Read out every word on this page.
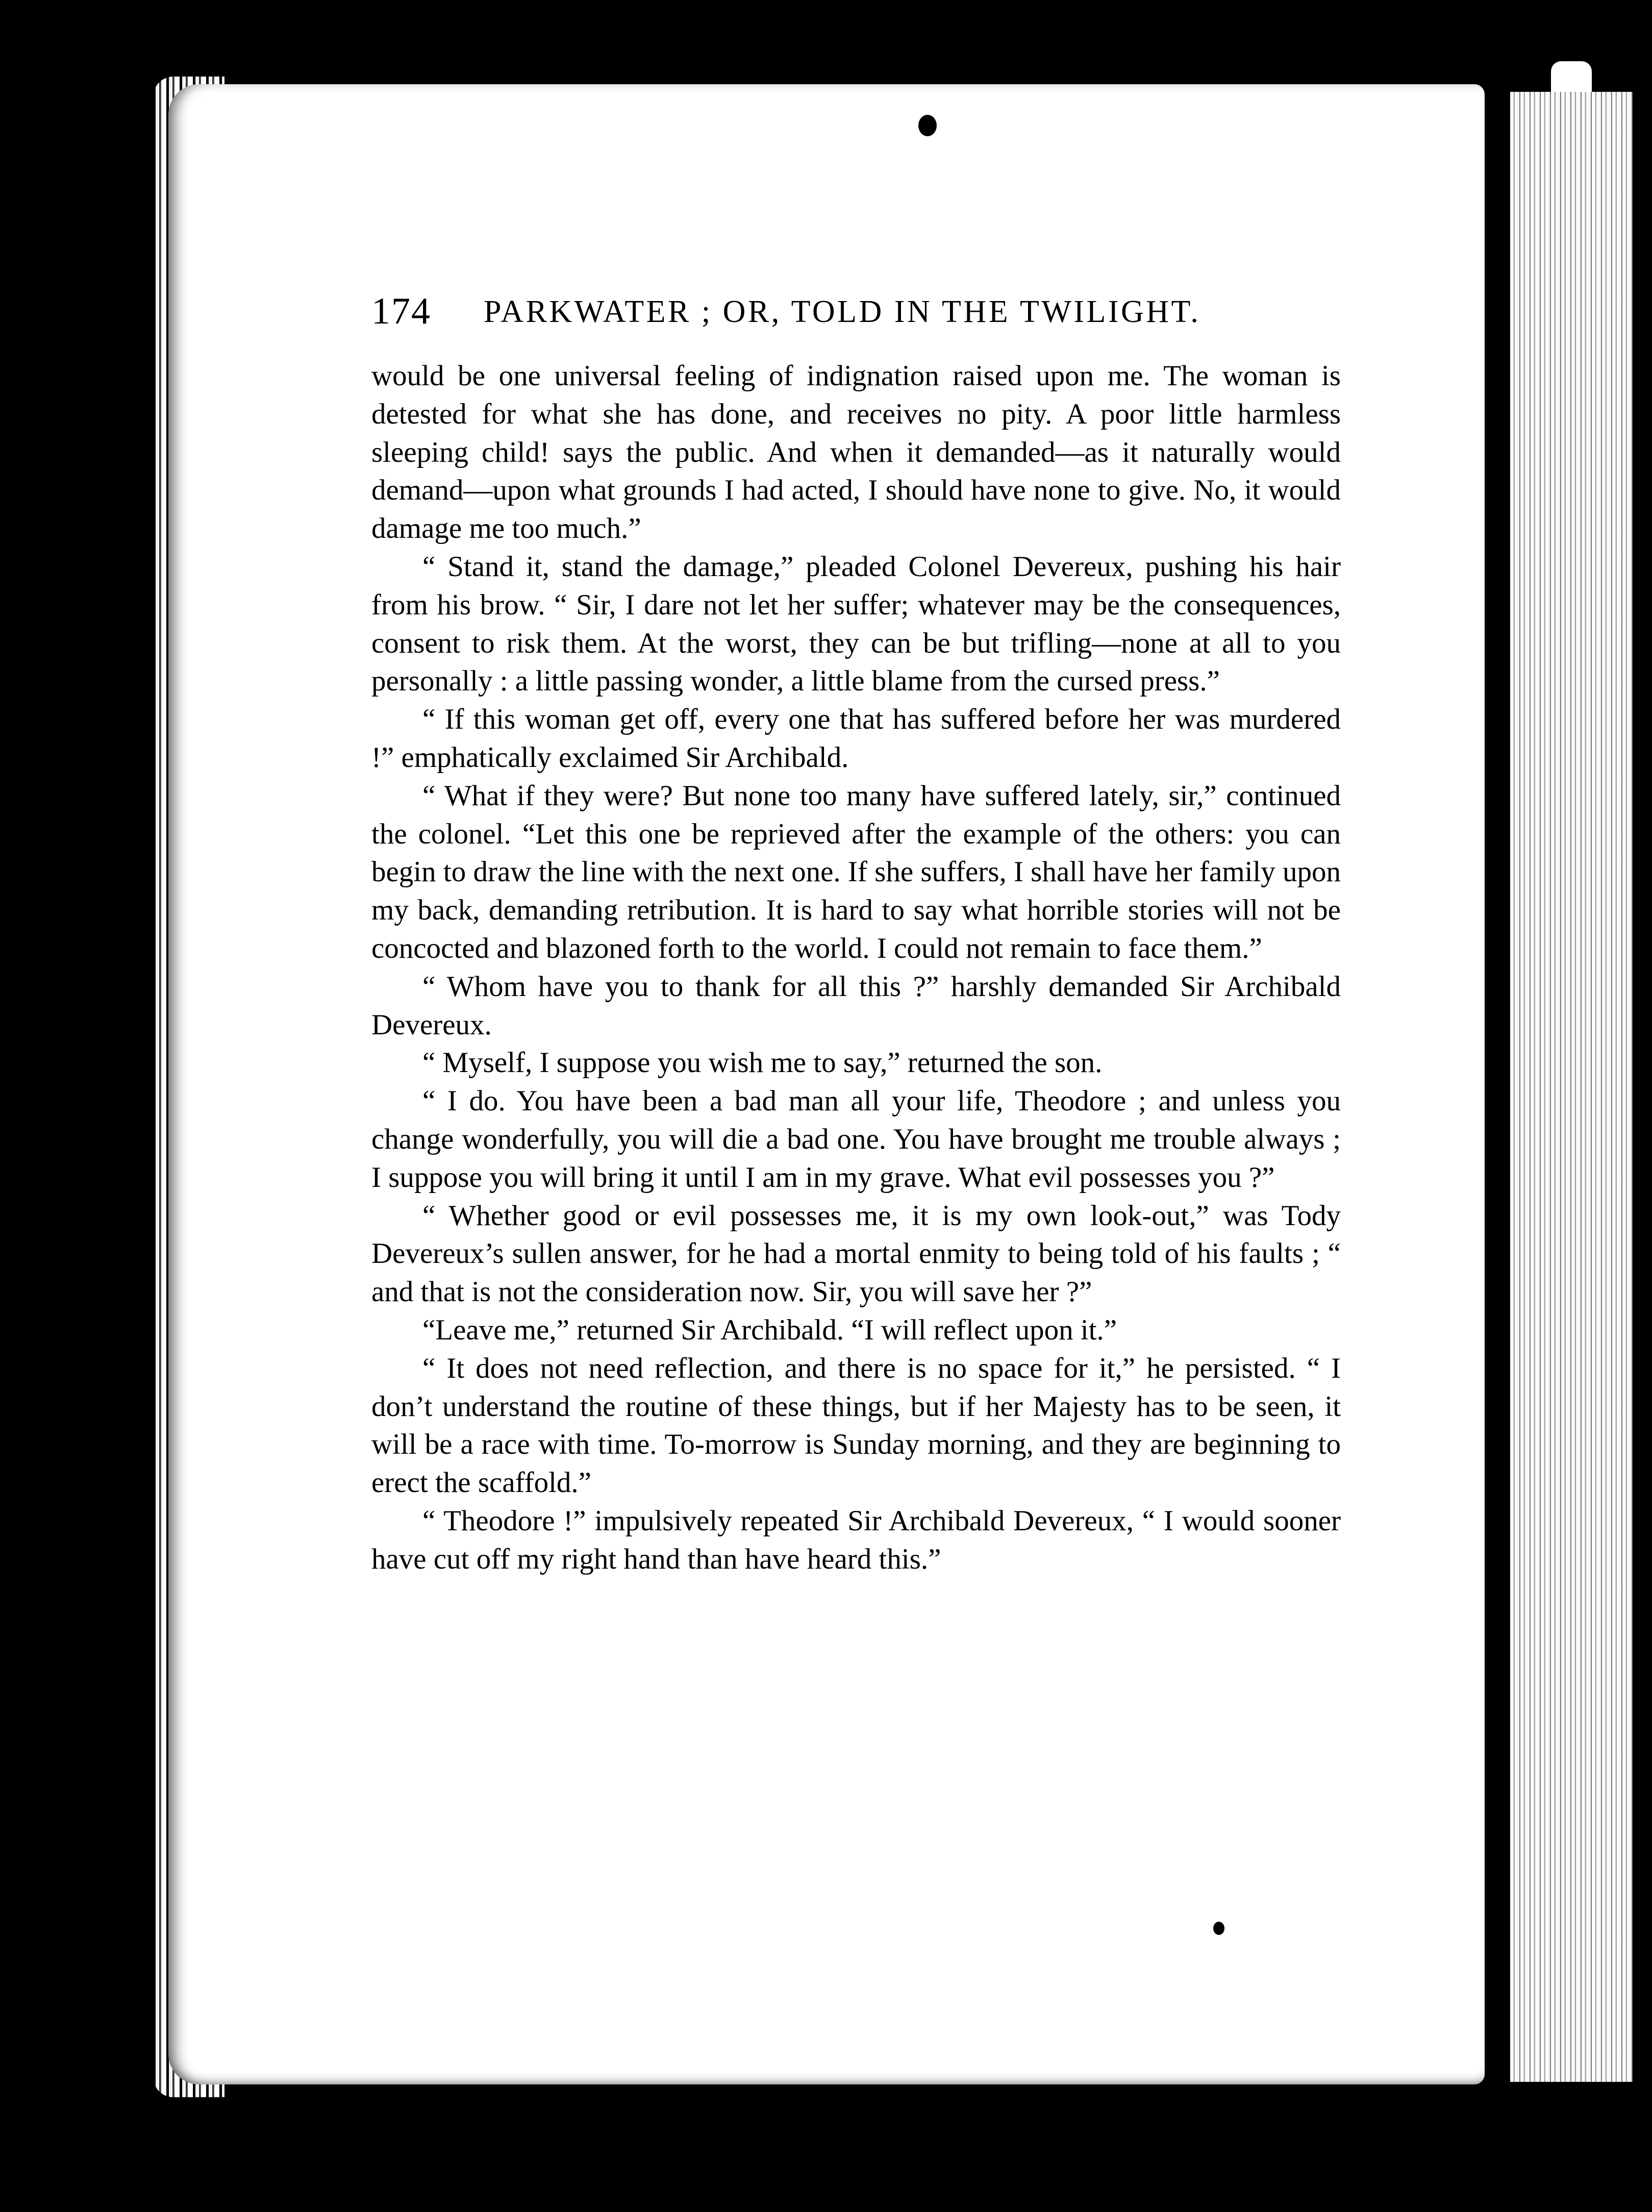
174 PARKWATER ; OR, TOLD IN THE TWILIGHT.

would be one universal feeling of indignation raised upon me. The woman is detested for what she has done, and receives no pity. A poor little harmless sleeping child! says the public. And when it demanded—as it naturally would demand—upon what grounds I had acted, I should have none to give. No, it would damage me too much.”

“ Stand it, stand the damage,” pleaded Colonel Devereux, pushing his hair from his brow. “ Sir, I dare not let her suffer; whatever may be the consequences, consent to risk them. At the worst, they can be but trifling—none at all to you personally : a little passing wonder, a little blame from the cursed press.”

“ If this woman get off, every one that has suffered before her was murdered !” emphatically exclaimed Sir Archibald.

“ What if they were? But none too many have suffered lately, sir,” continued the colonel. “Let this one be reprieved after the example of the others: you can begin to draw the line with the next one. If she suffers, I shall have her family upon my back, demanding retribution. It is hard to say what horrible stories will not be concocted and blazoned forth to the world. I could not remain to face them.”

“ Whom have you to thank for all this ?” harshly demanded Sir Archibald Devereux.

“ Myself, I suppose you wish me to say,” returned the son.

“ I do. You have been a bad man all your life, Theodore ; and unless you change wonderfully, you will die a bad one. You have brought me trouble always ; I suppose you will bring it until I am in my grave. What evil possesses you ?”

“ Whether good or evil possesses me, it is my own look-out,” was Tody Devereux’s sullen answer, for he had a mortal enmity to being told of his faults ; “ and that is not the consideration now. Sir, you will save her ?”

“Leave me,” returned Sir Archibald. “I will reflect upon it.”

“ It does not need reflection, and there is no space for it,” he persisted. “ I don’t understand the routine of these things, but if her Majesty has to be seen, it will be a race with time. To-morrow is Sunday morning, and they are beginning to erect the scaffold.”

“ Theodore !” impulsively repeated Sir Archibald Devereux, “ I would sooner have cut off my right hand than have heard this.”
